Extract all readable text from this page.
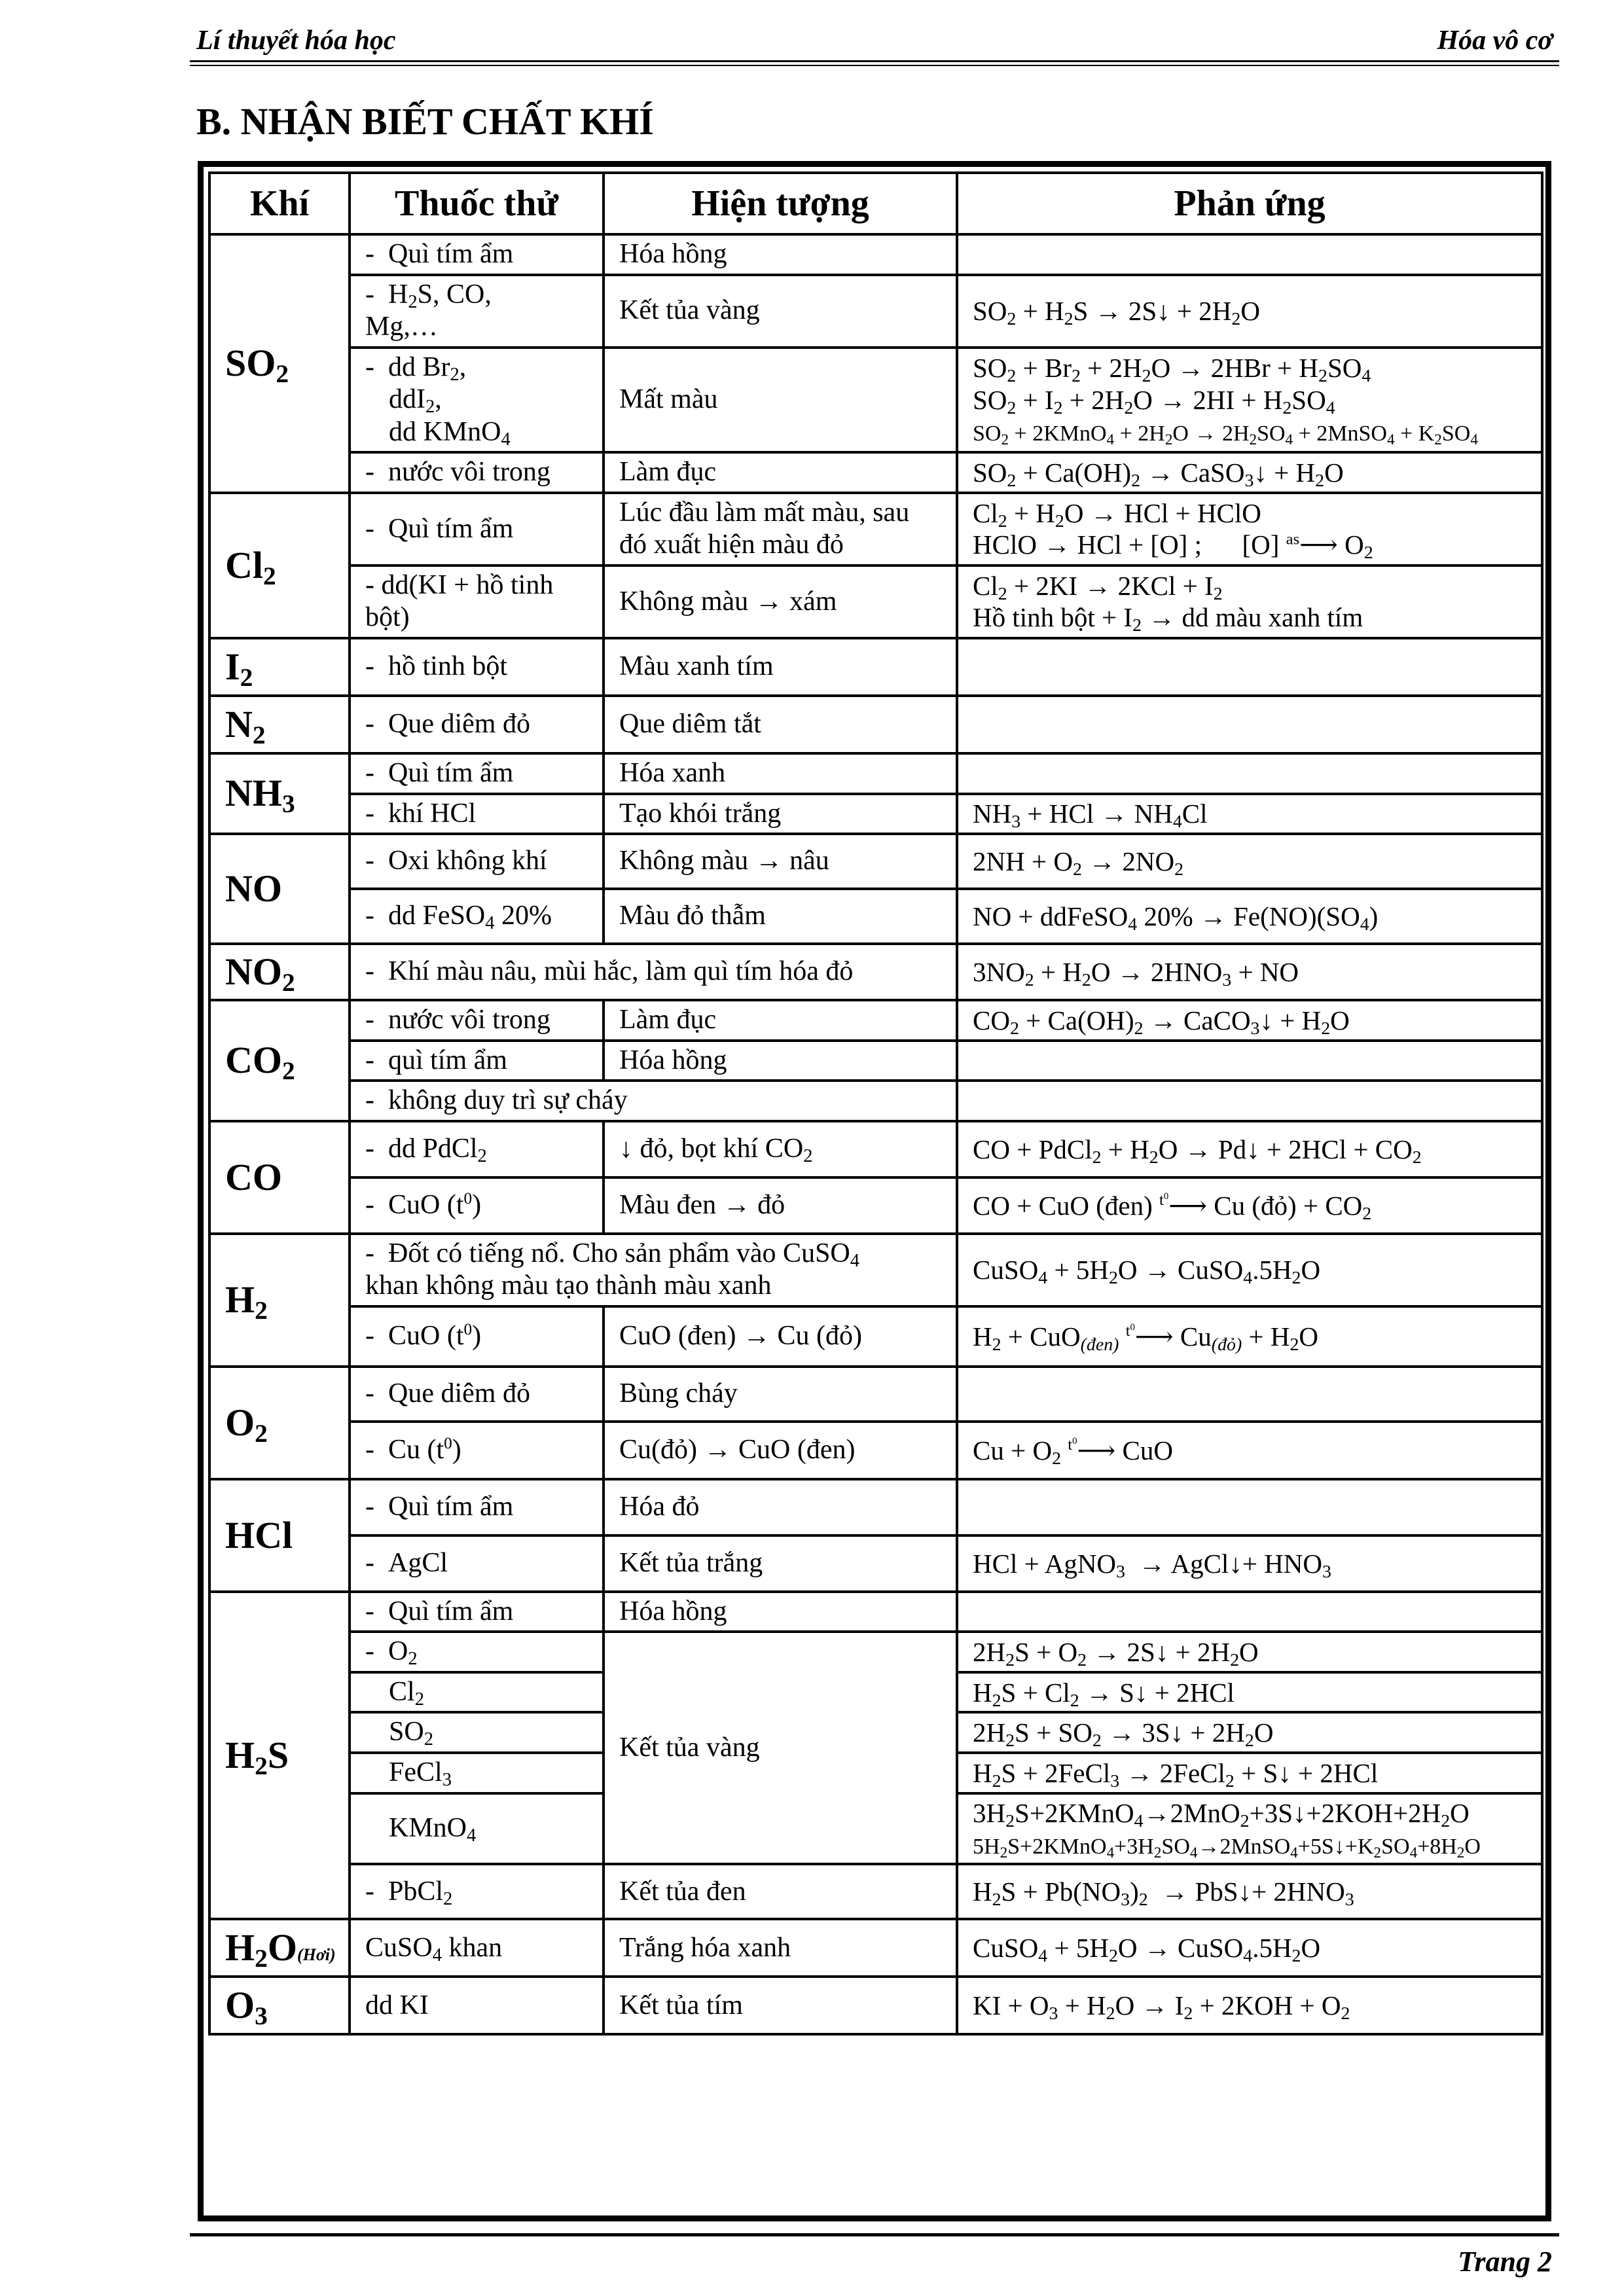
Lí thuyết hóa học	Hóa vô cơ
B. NHẬN BIẾT CHẤT KHÍ
Khí	Thuốc thử	Hiện tượng	Phản ứng
$SO_2$	-  Quì tím ẩm	Hóa hồng	
	-  $H_2S$, CO,
Mg,…	Kết tủa vàng	$SO_2 + H_2S$ → 2S↓ + $2H_2O$
	-  dd $Br_2$,
ddI$_2$,
dd KMnO$_4$	Mất màu	$SO_2 + Br_2 + 2H_2O \to 2HBr + H_2SO_4$
$SO_2 + I_2 + 2H_2O \to 2HI + H_2SO_4$
$SO_2$ + 2KMnO$_4$ + $2H_2O \to 2H_2SO_4$ + 2MnSO$_4$ + $K_2SO_4$
	-  nước vôi trong	Làm đục	$SO_2 + Ca(OH)_2$ → CaSO$_3$↓ + $H_2O$
$Cl_2$	-  Quì tím ẩm	Lúc đầu làm mất màu, sau đó xuất hiện màu đỏ	$Cl_2 + H_2O$ → HCl + HClO
HClO → HCl + [O] ;      [O] $^{as}$⟶ $O_2$
	- dd(KI + hồ tinh bột)	Không màu → xám	$Cl_2 + 2KI \to 2KCl + I_2$
Hồ tinh bột + $I_2$ → dd màu xanh tím
$I_2$	-  hồ tinh bột	Màu xanh tím	
$N_2$	-  Que diêm đỏ	Que diêm tắt	
$NH_3$	-  Quì tím ẩm	Hóa xanh	
	-  khí HCl	Tạo khói trắng	$NH_3$ + HCl → $NH_4Cl$
NO	-  Oxi không khí	Không màu → nâu	$2NH + O_2 \to 2NO_2$
	-  dd FeSO$_4$ 20%	Màu đỏ thẫm	NO + ddFeSO$_4$ $20\% \to Fe(NO)(SO_4)$
$NO_2$	-  Khí màu nâu, mùi hắc, làm quì tím hóa đỏ		$3NO_2 + H_2O \to 2HNO_3$ + NO
$CO_2$	-  nước vôi trong	Làm đục	$CO_2 + Ca(OH)_2$ → CaCO$_3$↓ + $H_2O$
	-  quì tím ẩm	Hóa hồng	
	-  không duy trì sự cháy		
CO	-  dd PdCl$_2$	↓ đỏ, bọt khí $CO_2$	CO + PdCl$_2$ + $H_2O$ → Pd↓ + $2HCl + CO_2$
	-  CuO $(t^0)$	Màu đen → đỏ	CO + CuO (đen) $^{t^0}$⟶ Cu (đỏ) + $CO_2$
$H_2$	-  Đốt có tiếng nổ. Cho sản phẩm vào CuSO$_4$
khan không màu tạo thành màu xanh		CuSO$_4$ + $5H_2O$ → $CuSO_4.5H_2O$
	-  CuO $(t^0)$	CuO (đen) → Cu (đỏ)	$H_2 + CuO_{(đen)}$ $^{t^0}$⟶ $Cu_{(đỏ)} + H_2O$
$O_2$	-  Que diêm đỏ	Bùng cháy	
	-  Cu $(t^0)$	Cu(đỏ) → CuO (đen)	$Cu + O_2$ $^{t^0}$⟶ CuO
HCl	-  Quì tím ẩm	Hóa đỏ	
	-  AgCl	Kết tủa trắng	HCl + AgNO$_3$  → AgCl↓+ $HNO_3$
$H_2S$	-  Quì tím ẩm	Hóa hồng	
	-  $O_2$	Kết tủa vàng	$2H_2S + O_2$ → 2S↓ + $2H_2O$
	$Cl_2$		$H_2S + Cl_2$ → S↓ + 2HCl
	$SO_2$		$2H_2S + SO_2$ → 3S↓ + $2H_2O$
	FeCl$_3$		$H_2S$ + 2FeCl$_3$ → 2FeCl$_2$ + S↓ + 2HCl
	KMnO$_4$		$3H_2S+2KMnO_4\to 2MnO_2+3S↓+2KOH+2H_2O$
$5H_2S+2KMnO_4+3H_2SO_4\to 2MnSO_4+5S↓+K_2SO_4+8H_2O$
	-  PbCl$_2$	Kết tủa đen	$H_2S + Pb(NO_3)_2$  → PbS↓+ $2HNO_3$
$H_2O(Hơi)$	CuSO$_4$ khan	Trắng hóa xanh	CuSO$_4$ + $5H_2O$ → $CuSO_4.5H_2O$
$O_3$	dd KI	Kết tủa tím	KI + $O_3 + H_2O \to I_2 + 2KOH + O_2$
Trang 2
